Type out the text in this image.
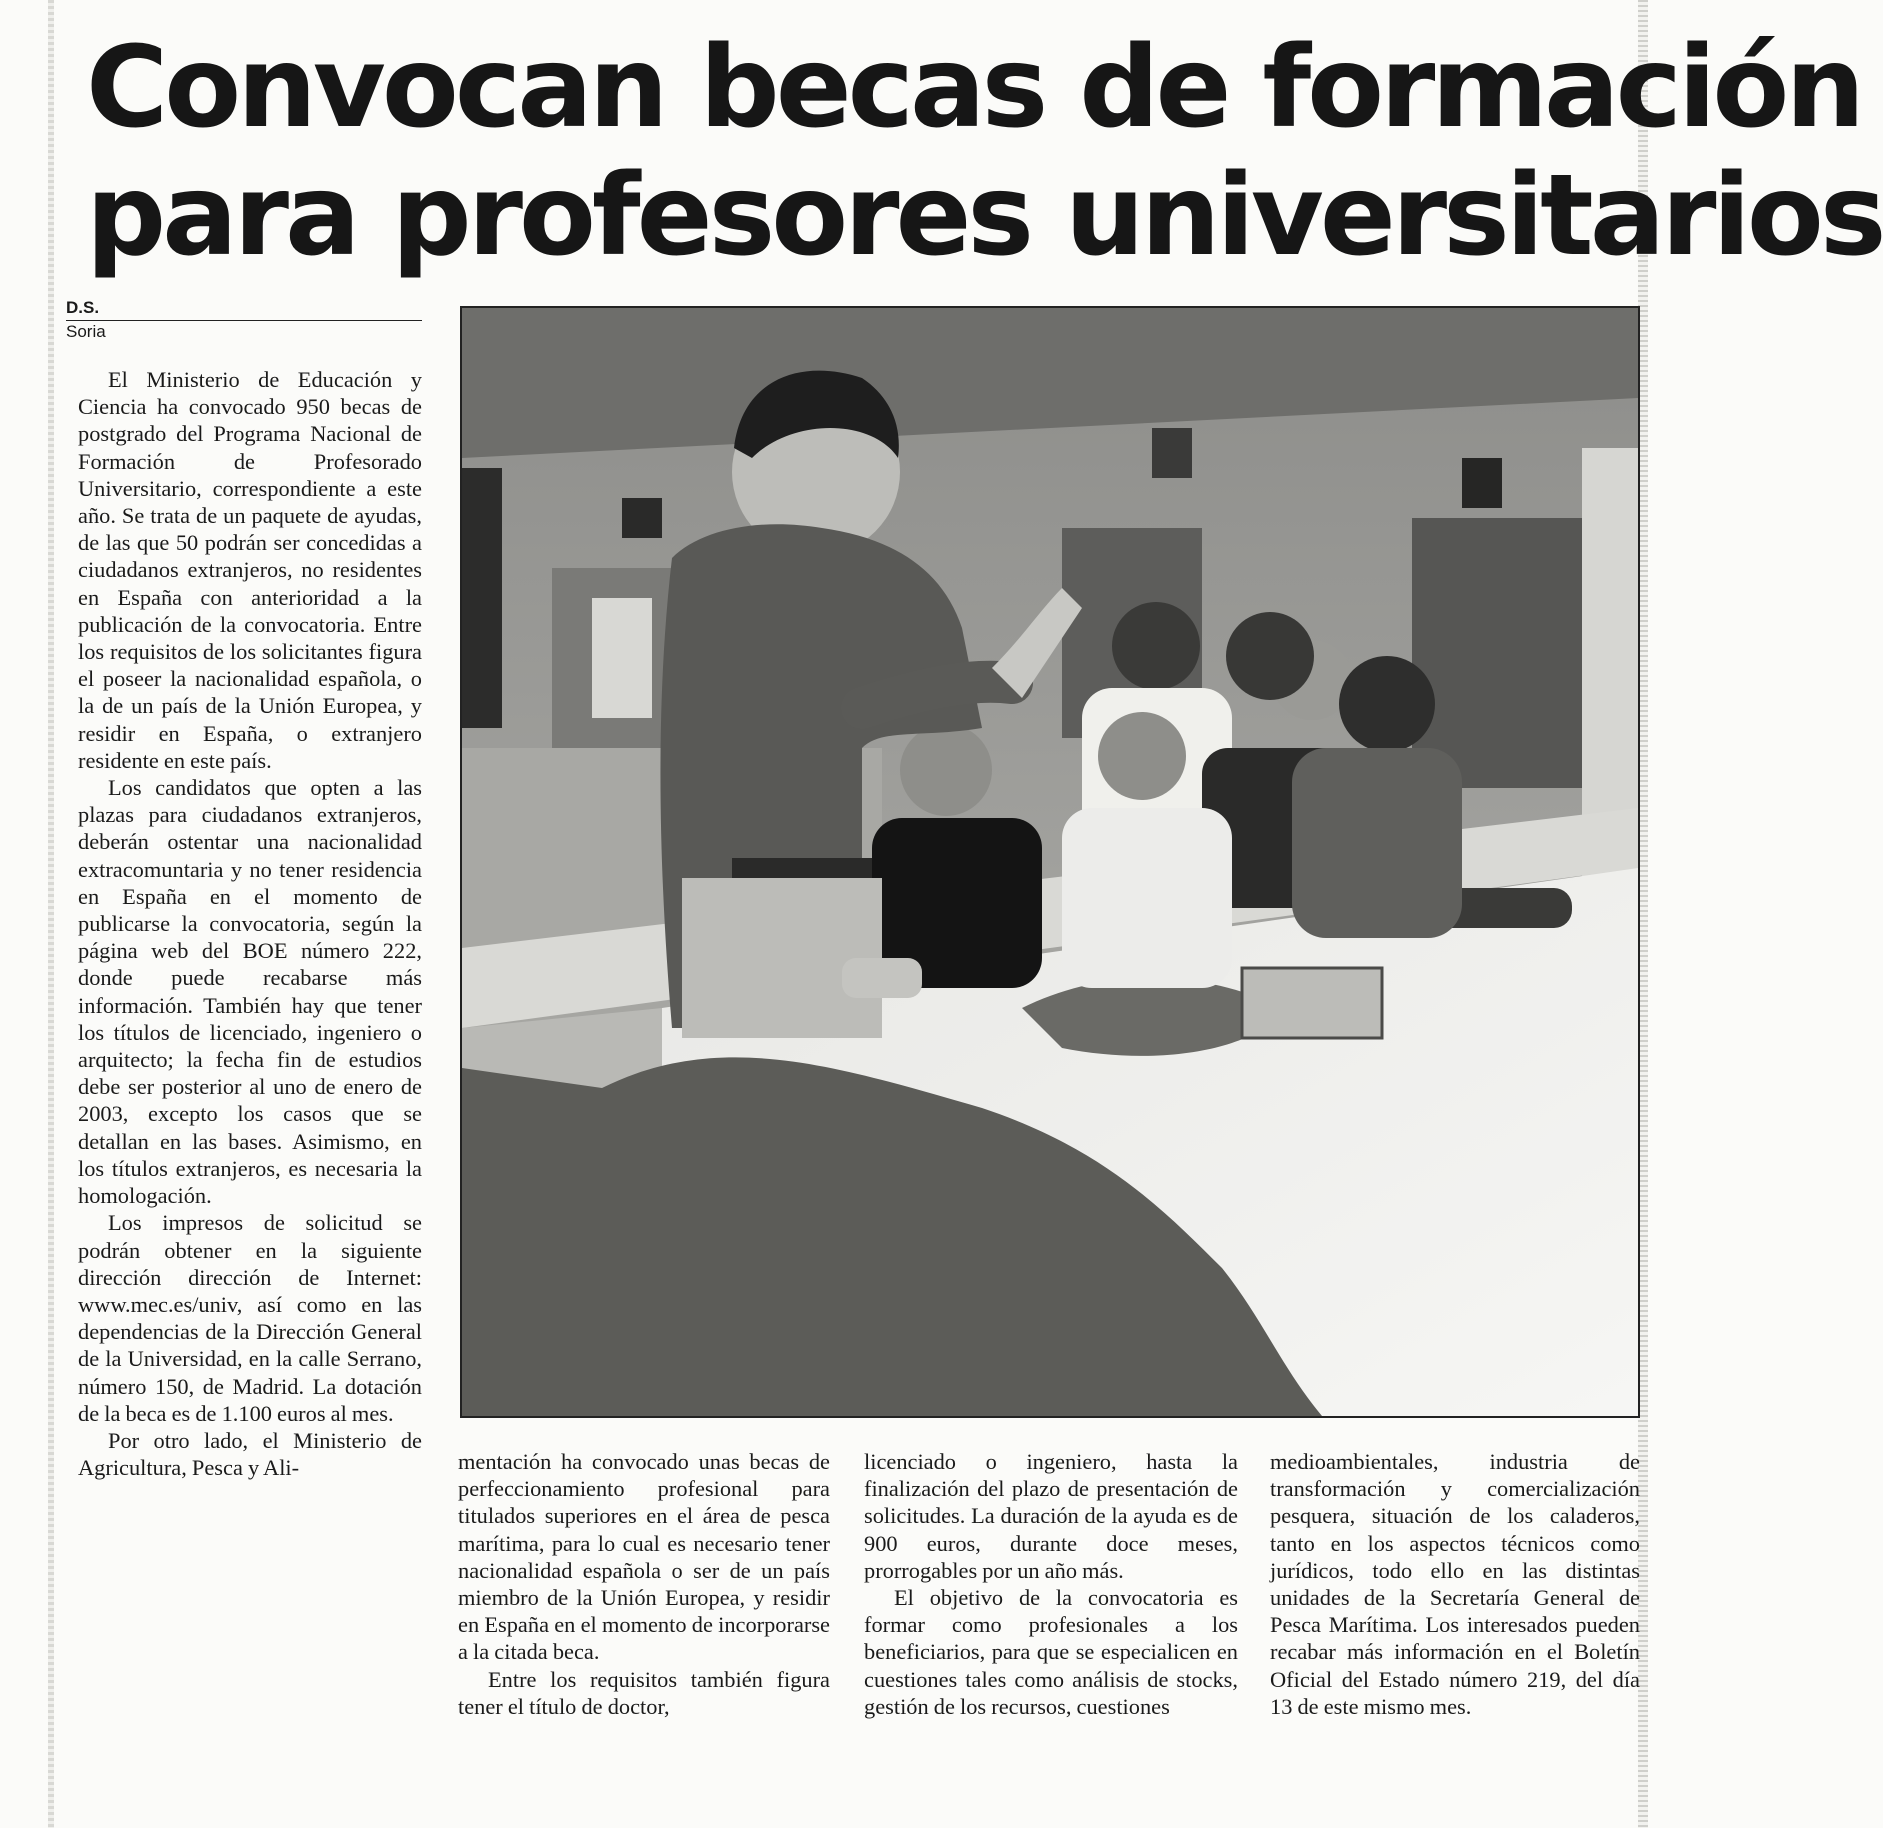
Convocan becas de formación
para profesores universitarios
D.S.
Soria

El Ministerio de Educación y Ciencia ha convocado 950 becas de postgrado del Programa Nacional de Formación de Profesorado Universitario, correspondiente a este año. Se trata de un paquete de ayudas, de las que 50 podrán ser concedidas a ciudadanos extranjeros, no residentes en España con anterioridad a la publicación de la convocatoria. Entre los requisitos de los solicitantes figura el poseer la nacionalidad española, o la de un país de la Unión Europea, y residir en España, o extranjero residente en este país.

Los candidatos que opten a las plazas para ciudadanos extranjeros, deberán ostentar una nacionalidad extracomuntaria y no tener residencia en España en el momento de publicarse la convocatoria, según la página web del BOE número 222, donde puede recabarse más información. También hay que tener los títulos de licenciado, ingeniero o arquitecto; la fecha fin de estudios debe ser posterior al uno de enero de 2003, excepto los casos que se detallan en las bases. Asimismo, en los títulos extranjeros, es necesaria la homologación.

Los impresos de solicitud se podrán obtener en la siguiente dirección dirección de Internet: www.mec.es/univ, así como en las dependencias de la Dirección General de la Universidad, en la calle Serrano, número 150, de Madrid. La dotación de la beca es de 1.100 euros al mes.

Por otro lado, el Ministerio de Agricultura, Pesca y Ali-	mentación ha convocado unas becas de perfeccionamiento profesional para titulados superiores en el área de pesca marítima, para lo cual es necesario tener nacionalidad española o ser de un país miembro de la Unión Europea, y residir en España en el momento de incorporarse a la citada beca.

Entre los requisitos también figura tener el título de doctor,

licenciado o ingeniero, hasta la finalización del plazo de presentación de solicitudes. La duración de la ayuda es de 900 euros, durante doce meses, prorrogables por un año más.

El objetivo de la convocatoria es formar como profesionales a los beneficiarios, para que se especialicen en cuestiones tales como análisis de stocks, gestión de los recursos, cuestiones

medioambientales, industria de transformación y comercialización pesquera, situación de los caladeros, tanto en los aspectos técnicos como jurídicos, todo ello en las distintas unidades de la Secretaría General de Pesca Marítima. Los interesados pueden recabar más información en el Boletín Oficial del Estado número 219, del día 13 de este mismo mes.
